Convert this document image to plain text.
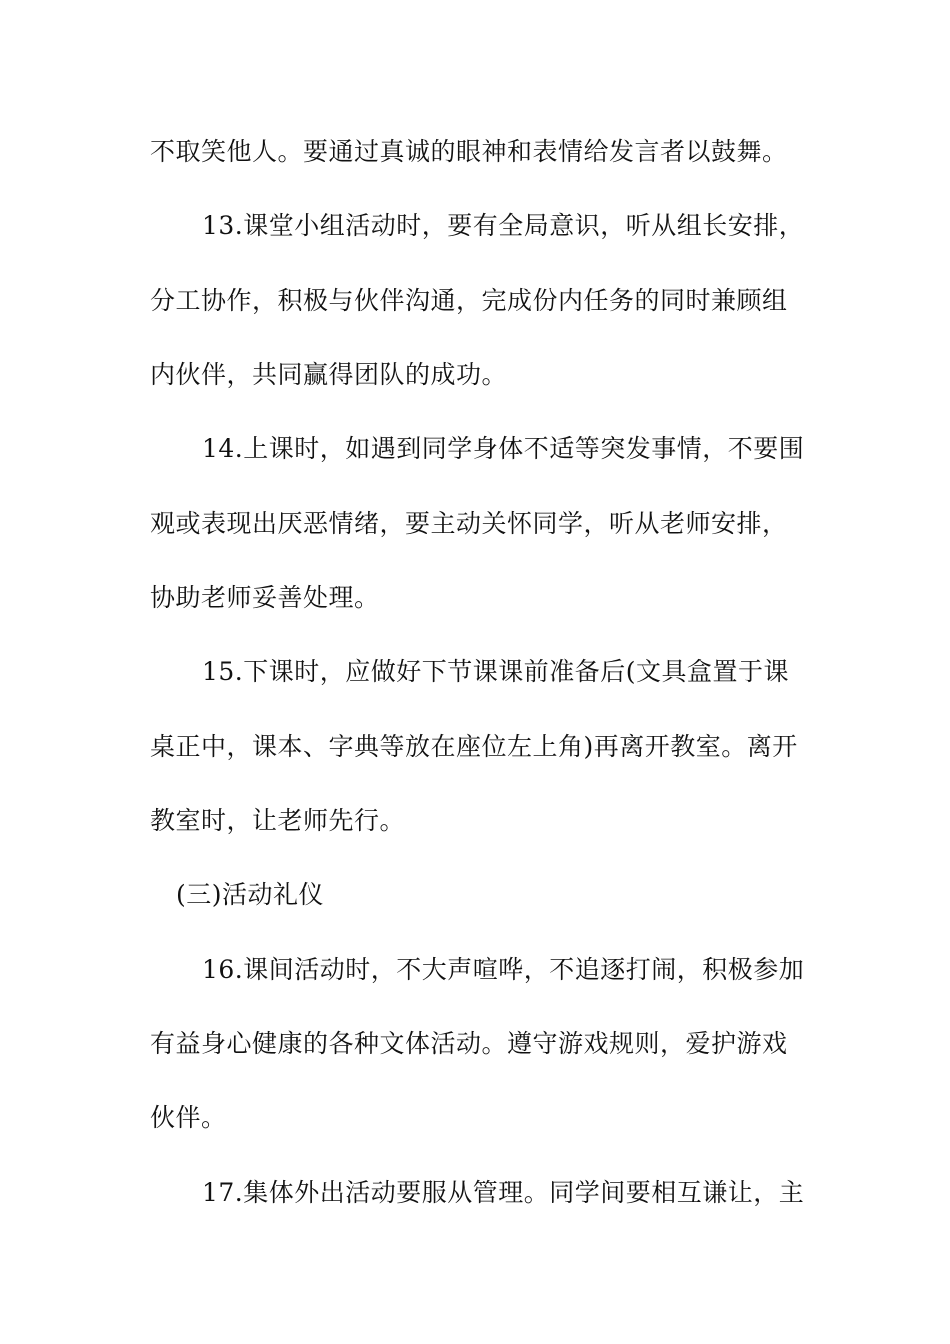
不取笑他人。要通过真诚的眼神和表情给发言者以鼓舞。
13.课堂小组活动时，要有全局意识，听从组长安排，
分工协作，积极与伙伴沟通，完成份内任务的同时兼顾组
内伙伴，共同赢得团队的成功。
14.上课时，如遇到同学身体不适等突发事情，不要围
观或表现出厌恶情绪，要主动关怀同学，听从老师安排，
协助老师妥善处理。
15.下课时，应做好下节课课前准备后(文具盒置于课
桌正中，课本、字典等放在座位左上角)再离开教室。离开
教室时，让老师先行。
(三)活动礼仪
16.课间活动时，不大声喧哗，不追逐打闹，积极参加
有益身心健康的各种文体活动。遵守游戏规则，爱护游戏
伙伴。
17.集体外出活动要服从管理。同学间要相互谦让，主
